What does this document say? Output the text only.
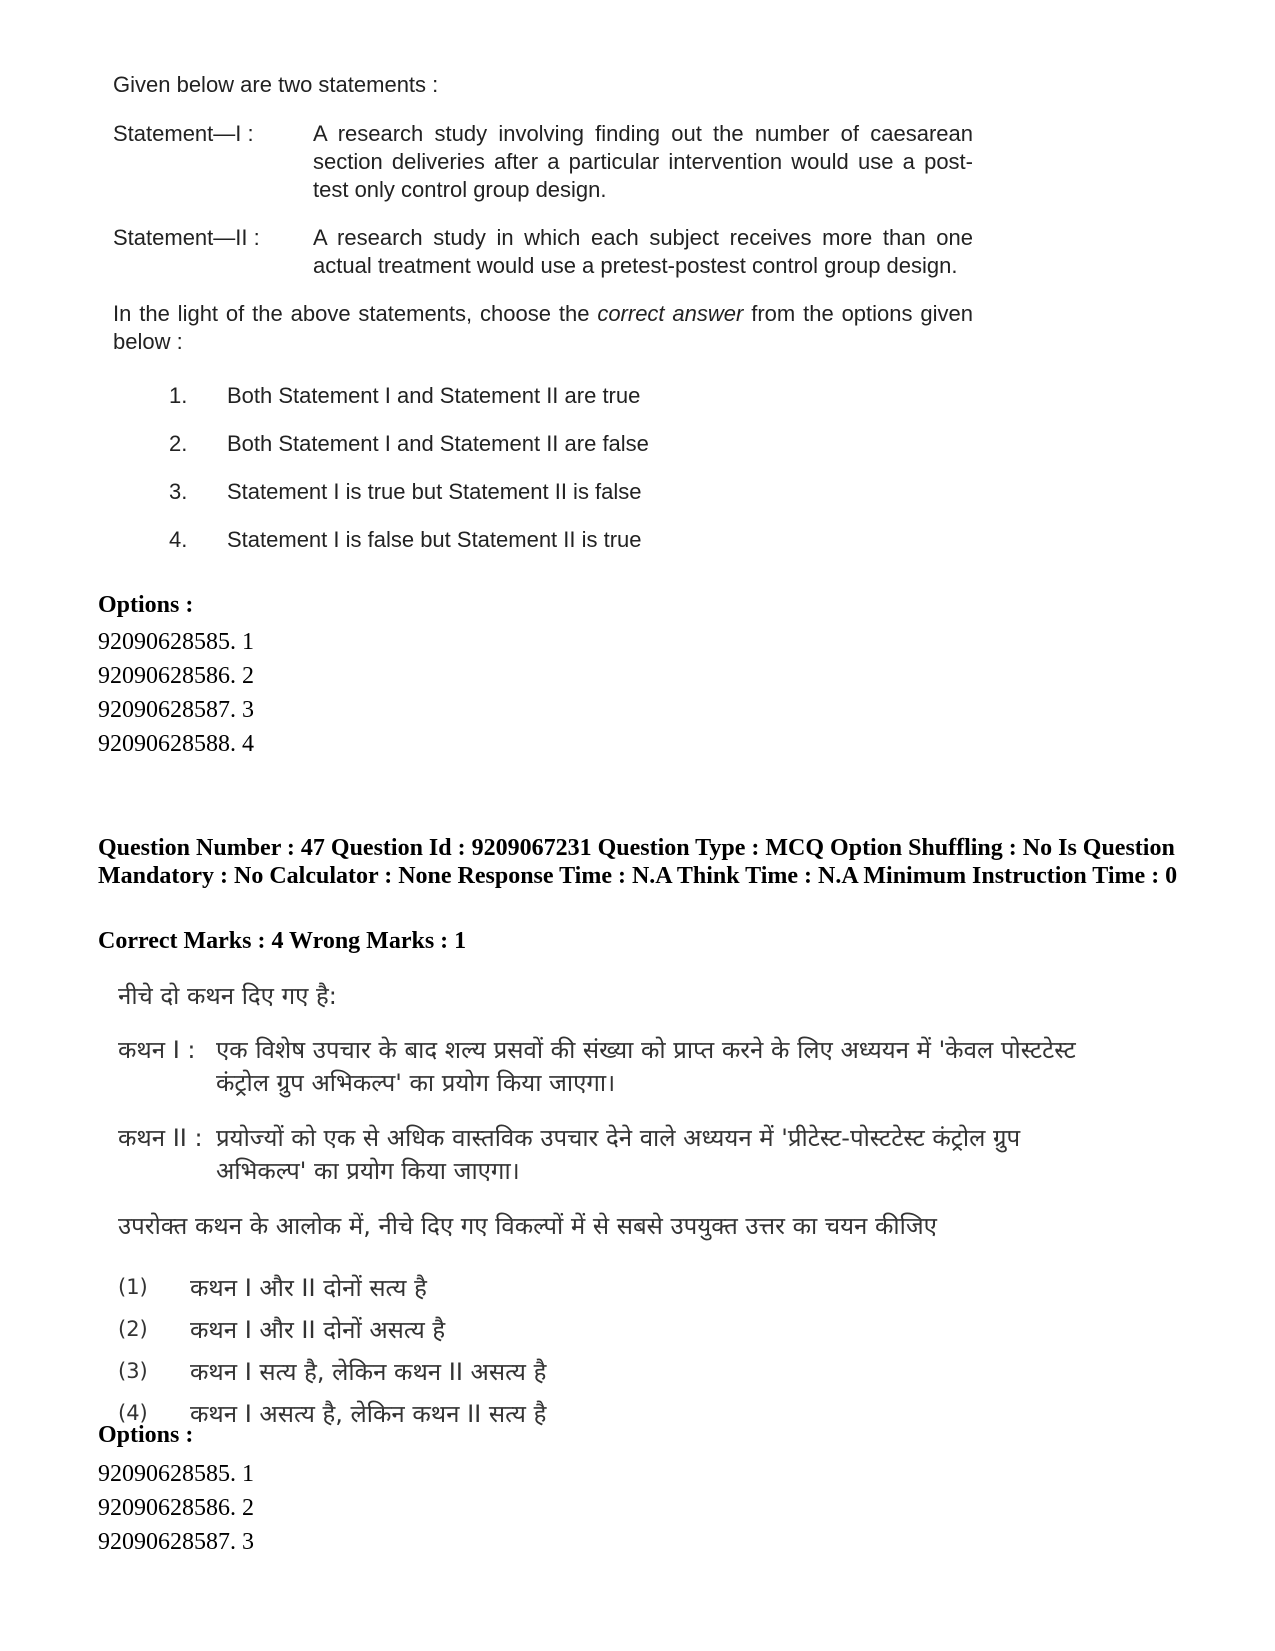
Given below are two statements :

Statement—I :	A research study involving finding out the number of caesarean section deliveries after a particular intervention would use a post-test only control group design.
Statement—II :	A research study in which each subject receives more than one actual treatment would use a pretest-postest control group design.

In the light of the above statements, choose the correct answer from the options given below :

1.	Both Statement I and Statement II are true
2.	Both Statement I and Statement II are false
3.	Statement I is true but Statement II is false
4.	Statement I is false but Statement II is true
Options :
92090628585. 1
92090628586. 2
92090628587. 3
92090628588. 4
Question Number : 47 Question Id : 9209067231 Question Type : MCQ Option Shuffling : No Is Question Mandatory : No Calculator : None Response Time : N.A Think Time : N.A Minimum Instruction Time : 0
Correct Marks : 4 Wrong Marks : 1

नीचे दो कथन दिए गए है:

कथन I : एक विशेष उपचार के बाद शल्य प्रसवों की संख्या को प्राप्त करने के लिए अध्ययन में 'केवल पोस्टटेस्ट कंट्रोल ग्रुप अभिकल्प' का प्रयोग किया जाएगा।
कथन II : प्रयोज्यों को एक से अधिक वास्तविक उपचार देने वाले अध्ययन में 'प्रीटेस्ट-पोस्टटेस्ट कंट्रोल ग्रुप अभिकल्प' का प्रयोग किया जाएगा।

उपरोक्त कथन के आलोक में, नीचे दिए गए विकल्पों में से सबसे उपयुक्त उत्तर का चयन कीजिए

(1)	कथन I और II दोनों सत्य है
(2)	कथन I और II दोनों असत्य है
(3)	कथन I सत्य है, लेकिन कथन II असत्य है
(4)	कथन I असत्य है, लेकिन कथन II सत्य है
Options :
92090628585. 1
92090628586. 2
92090628587. 3
